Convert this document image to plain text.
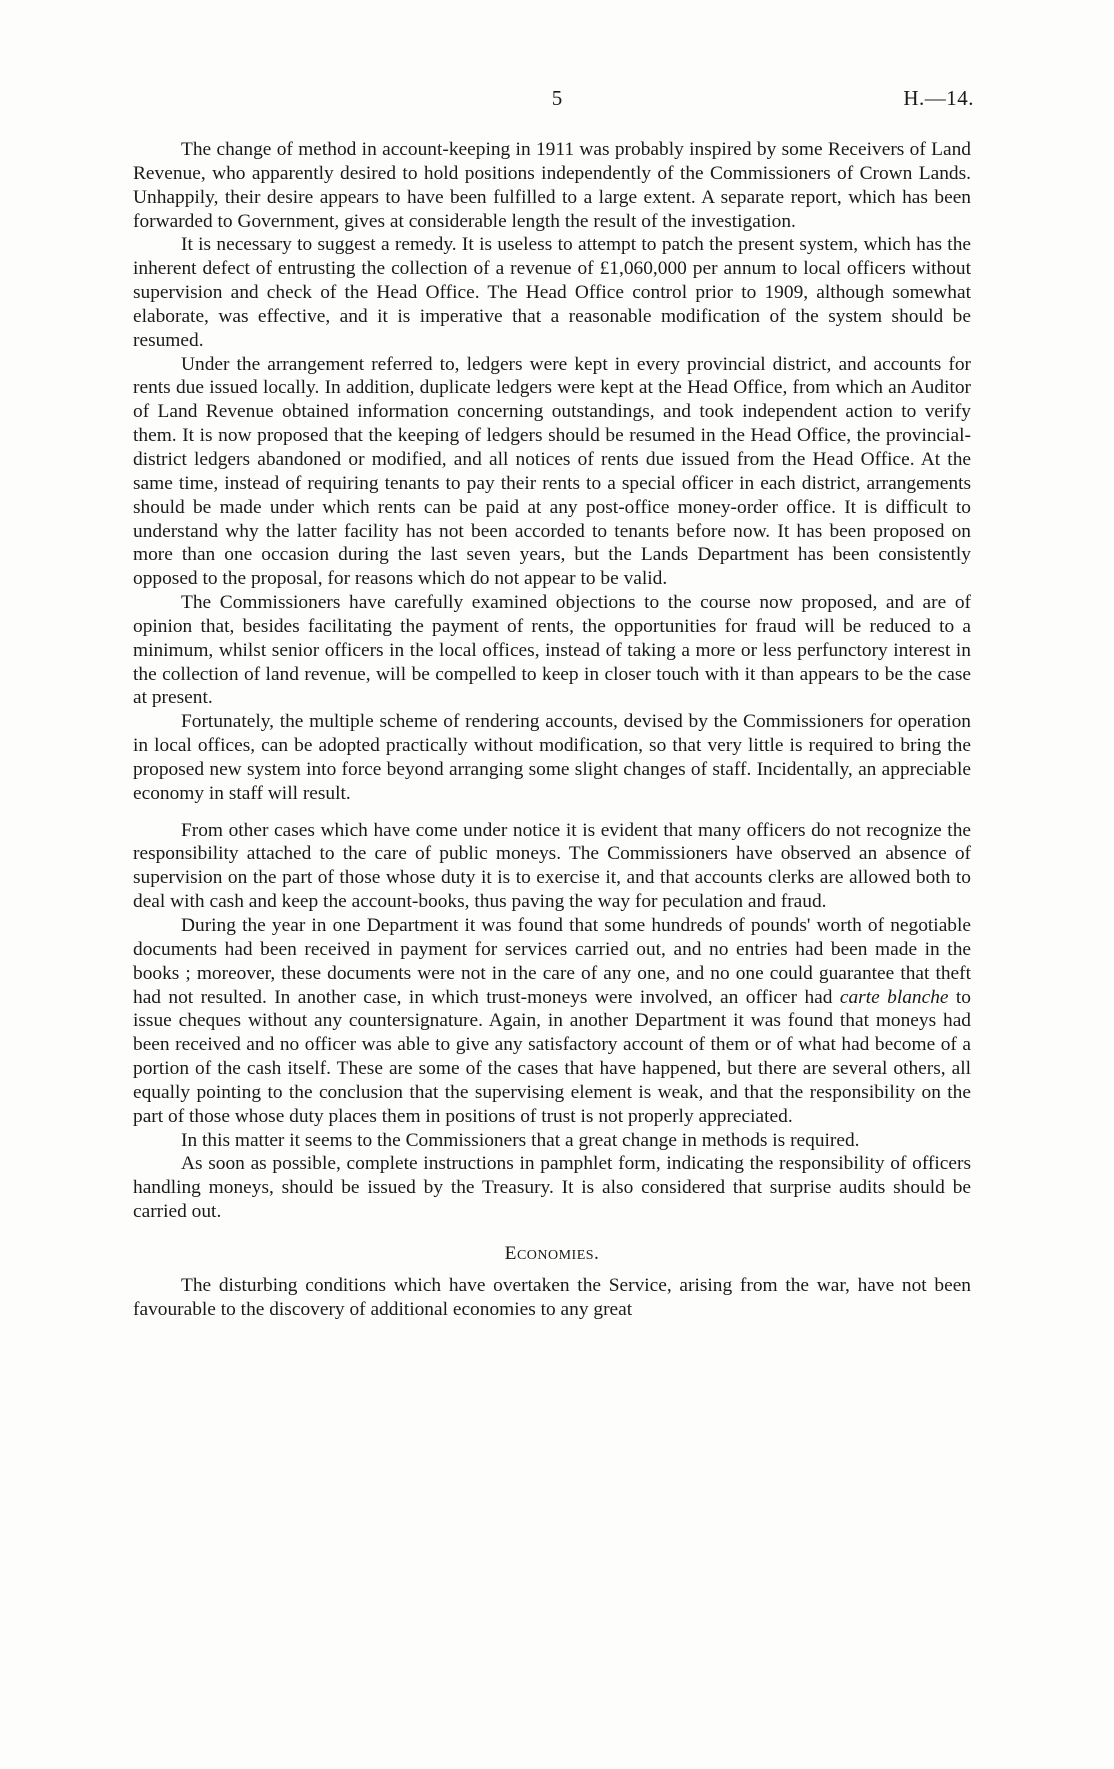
5	H.—14.

The change of method in account-keeping in 1911 was probably inspired by some Receivers of Land Revenue, who apparently desired to hold positions independently of the Commissioners of Crown Lands. Unhappily, their desire appears to have been fulfilled to a large extent. A separate report, which has been forwarded to Government, gives at considerable length the result of the investigation.

It is necessary to suggest a remedy. It is useless to attempt to patch the present system, which has the inherent defect of entrusting the collection of a revenue of £1,060,000 per annum to local officers without supervision and check of the Head Office. The Head Office control prior to 1909, although somewhat elaborate, was effective, and it is imperative that a reasonable modification of the system should be resumed.

Under the arrangement referred to, ledgers were kept in every provincial district, and accounts for rents due issued locally. In addition, duplicate ledgers were kept at the Head Office, from which an Auditor of Land Revenue obtained information concerning outstandings, and took independent action to verify them. It is now proposed that the keeping of ledgers should be resumed in the Head Office, the provincial-district ledgers abandoned or modified, and all notices of rents due issued from the Head Office. At the same time, instead of requiring tenants to pay their rents to a special officer in each district, arrangements should be made under which rents can be paid at any post-office money-order office. It is difficult to understand why the latter facility has not been accorded to tenants before now. It has been proposed on more than one occasion during the last seven years, but the Lands Department has been consistently opposed to the proposal, for reasons which do not appear to be valid.

The Commissioners have carefully examined objections to the course now proposed, and are of opinion that, besides facilitating the payment of rents, the opportunities for fraud will be reduced to a minimum, whilst senior officers in the local offices, instead of taking a more or less perfunctory interest in the collection of land revenue, will be compelled to keep in closer touch with it than appears to be the case at present.

Fortunately, the multiple scheme of rendering accounts, devised by the Commissioners for operation in local offices, can be adopted practically without modification, so that very little is required to bring the proposed new system into force beyond arranging some slight changes of staff. Incidentally, an appreciable economy in staff will result.

From other cases which have come under notice it is evident that many officers do not recognize the responsibility attached to the care of public moneys. The Commissioners have observed an absence of supervision on the part of those whose duty it is to exercise it, and that accounts clerks are allowed both to deal with cash and keep the account-books, thus paving the way for peculation and fraud.

During the year in one Department it was found that some hundreds of pounds' worth of negotiable documents had been received in payment for services carried out, and no entries had been made in the books ; moreover, these documents were not in the care of any one, and no one could guarantee that theft had not resulted. In another case, in which trust-moneys were involved, an officer had carte blanche to issue cheques without any countersignature. Again, in another Department it was found that moneys had been received and no officer was able to give any satisfactory account of them or of what had become of a portion of the cash itself. These are some of the cases that have happened, but there are several others, all equally pointing to the conclusion that the supervising element is weak, and that the responsibility on the part of those whose duty places them in positions of trust is not properly appreciated.

In this matter it seems to the Commissioners that a great change in methods is required.

As soon as possible, complete instructions in pamphlet form, indicating the responsibility of officers handling moneys, should be issued by the Treasury. It is also considered that surprise audits should be carried out.

Economies.

The disturbing conditions which have overtaken the Service, arising from the war, have not been favourable to the discovery of additional economies to any great
